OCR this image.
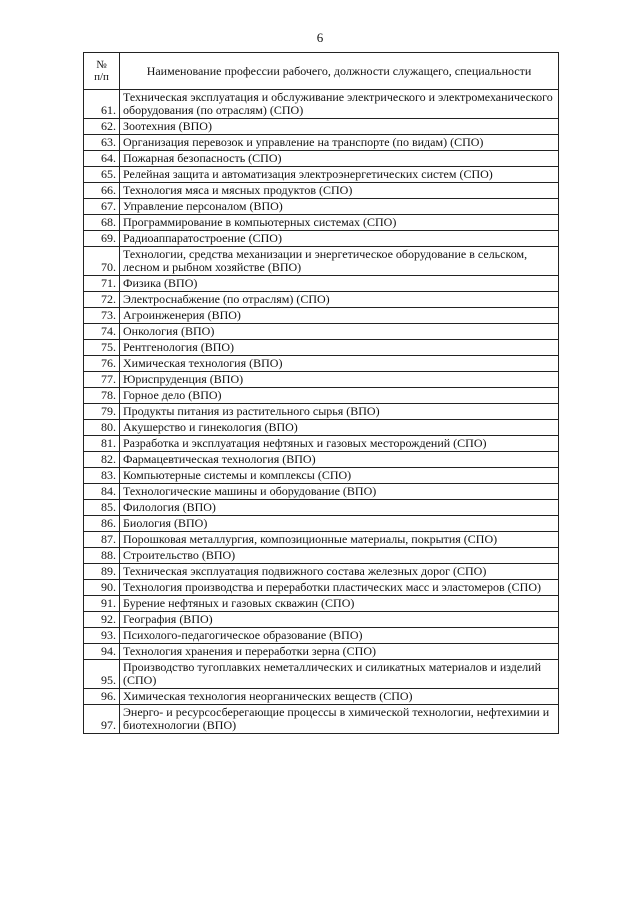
6
№
п/п	Наименование профессии рабочего, должности служащего, специальности
61.	Техническая эксплуатация и обслуживание электрического и электромеханического оборудования (по отраслям) (СПО)
62.	Зоотехния (ВПО)
63.	Организация перевозок и управление на транспорте (по видам) (СПО)
64.	Пожарная безопасность (СПО)
65.	Релейная защита и автоматизация электроэнергетических систем (СПО)
66.	Технология мяса и мясных продуктов (СПО)
67.	Управление персоналом (ВПО)
68.	Программирование в компьютерных системах (СПО)
69.	Радиоаппаратостроение (СПО)
70.	Технологии, средства механизации и энергетическое оборудование в сельском, лесном и рыбном хозяйстве (ВПО)
71.	Физика (ВПО)
72.	Электроснабжение (по отраслям) (СПО)
73.	Агроинженерия (ВПО)
74.	Онкология (ВПО)
75.	Рентгенология (ВПО)
76.	Химическая технология (ВПО)
77.	Юриспруденция (ВПО)
78.	Горное дело (ВПО)
79.	Продукты питания из растительного сырья (ВПО)
80.	Акушерство и гинекология (ВПО)
81.	Разработка и эксплуатация нефтяных и газовых месторождений (СПО)
82.	Фармацевтическая технология (ВПО)
83.	Компьютерные системы и комплексы (СПО)
84.	Технологические машины и оборудование (ВПО)
85.	Филология (ВПО)
86.	Биология (ВПО)
87.	Порошковая металлургия, композиционные материалы, покрытия (СПО)
88.	Строительство (ВПО)
89.	Техническая эксплуатация подвижного состава железных дорог (СПО)
90.	Технология производства и переработки пластических масс и эластомеров (СПО)
91.	Бурение нефтяных и газовых скважин (СПО)
92.	География (ВПО)
93.	Психолого-педагогическое образование (ВПО)
94.	Технология хранения и переработки зерна (СПО)
95.	Производство тугоплавких неметаллических и силикатных материалов и изделий (СПО)
96.	Химическая технология неорганических веществ (СПО)
97.	Энерго- и ресурсосберегающие процессы в химической технологии, нефтехимии и биотехнологии (ВПО)
